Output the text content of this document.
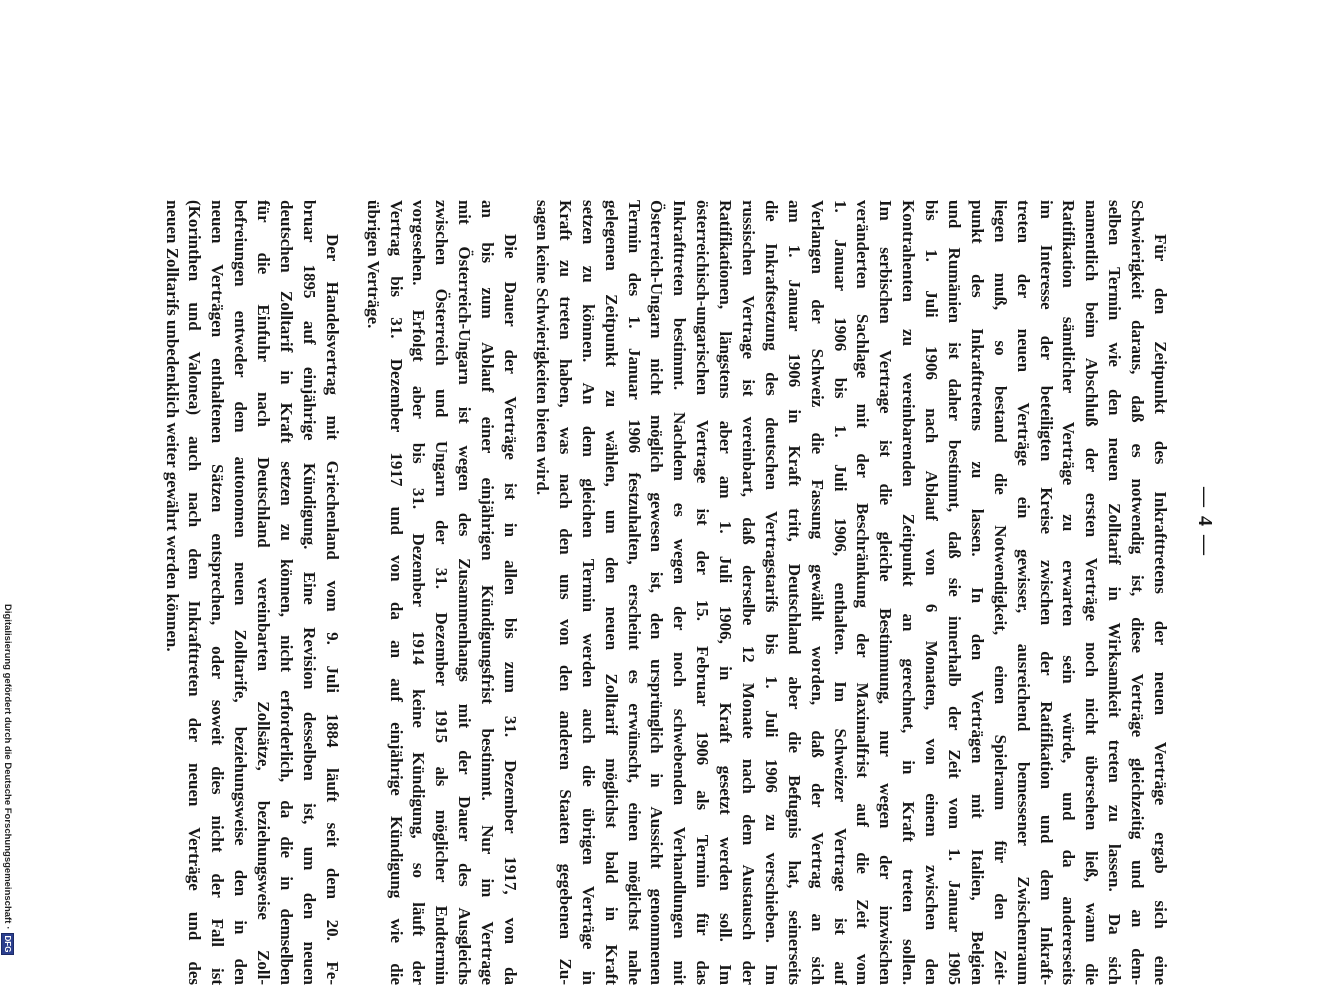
— 4 —
Für den Zeitpunkt des Inkrafttretens der neuen Verträge ergab sich eine
Schwierigkeit daraus, daß es notwendig ist, diese Verträge gleichzeitig und an dem-
selben Termin wie den neuen Zolltarif in Wirksamkeit treten zu lassen. Da sich
namentlich beim Abschluß der ersten Verträge noch nicht übersehen ließ, wann die
Ratifikation sämtlicher Verträge zu erwarten sein würde, und da andererseits
im Interesse der beteiligten Kreise zwischen der Ratifikation und dem Inkraft-
treten der neuen Verträge ein gewisser, ausreichend bemessener Zwischenraum
liegen muß, so bestand die Notwendigkeit, einen Spielraum für den Zeit-
punkt des Inkrafttretens zu lassen. In den Verträgen mit Italien, Belgien
und Rumänien ist daher bestimmt, daß sie innerhalb der Zeit vom 1. Januar 1905
bis 1. Juli 1906 nach Ablauf von 6 Monaten, von einem zwischen den
Kontrahenten zu vereinbarenden Zeitpunkt an gerechnet, in Kraft treten sollen.
Im serbischen Vertrage ist die gleiche Bestimmung, nur wegen der inzwischen
veränderten Sachlage mit der Beschränkung der Maximalfrist auf die Zeit vom
1. Januar 1906 bis 1. Juli 1906, enthalten. Im Schweizer Vertrage ist auf
Verlangen der Schweiz die Fassung gewählt worden, daß der Vertrag an sich
am 1. Januar 1906 in Kraft tritt, Deutschland aber die Befugnis hat, seinerseits
die Inkraftsetzung des deutschen Vertragstarifs bis 1. Juli 1906 zu verschieben. Im
russischen Vertrage ist vereinbart, daß derselbe 12 Monate nach dem Austausch der
Ratifikationen, längstens aber am 1. Juli 1906, in Kraft gesetzt werden soll. Im
österreichisch-ungarischen Vertrage ist der 15. Februar 1906 als Termin für das
Inkrafttreten bestimmt. Nachdem es wegen der noch schwebenden Verhandlungen mit
Österreich-Ungarn nicht möglich gewesen ist, den ursprünglich in Aussicht genommenen
Termin des 1. Januar 1906 festzuhalten, erscheint es erwünscht, einen möglichst nahe
gelegenen Zeitpunkt zu wählen, um den neuen Zolltarif möglichst bald in Kraft
setzen zu können. An dem gleichen Termin werden auch die übrigen Verträge in
Kraft zu treten haben, was nach den uns von den anderen Staaten gegebenen Zu-
sagen keine Schwierigkeiten bieten wird.
Die Dauer der Verträge ist in allen bis zum 31. Dezember 1917, von da
an bis zum Ablauf einer einjährigen Kündigungsfrist bestimmt. Nur im Vertrage
mit Österreich-Ungarn ist wegen des Zusammenhangs mit der Dauer des Ausgleichs
zwischen Österreich und Ungarn der 31. Dezember 1915 als möglicher Endtermin
vorgesehen. Erfolgt aber bis 31. Dezember 1914 keine Kündigung, so läuft der
Vertrag bis 31. Dezember 1917 und von da an auf einjährige Kündigung wie die
übrigen Verträge.
Der Handelsvertrag mit Griechenland vom 9. Juli 1884 läuft seit dem 20. Fe-
bruar 1895 auf einjährige Kündigung. Eine Revision desselben ist, um den neuen
deutschen Zolltarif in Kraft setzen zu können, nicht erforderlich, da die in demselben
für die Einfuhr nach Deutschland vereinbarten Zollsätze, beziehungsweise Zoll-
befreiungen entweder dem autonomen neuen Zolltarife, beziehungsweise den in den
neuen Verträgen enthaltenen Sätzen entsprechen, oder soweit dies nicht der Fall ist
(Korinthen und Valonea) auch nach dem Inkrafttreten der neuen Verträge und des
neuen Zolltarifs unbedenklich weiter gewährt werden können.
Digitalisierung gefördert durch die Deutsche Forschungsgemeinschaft
·
DFG
